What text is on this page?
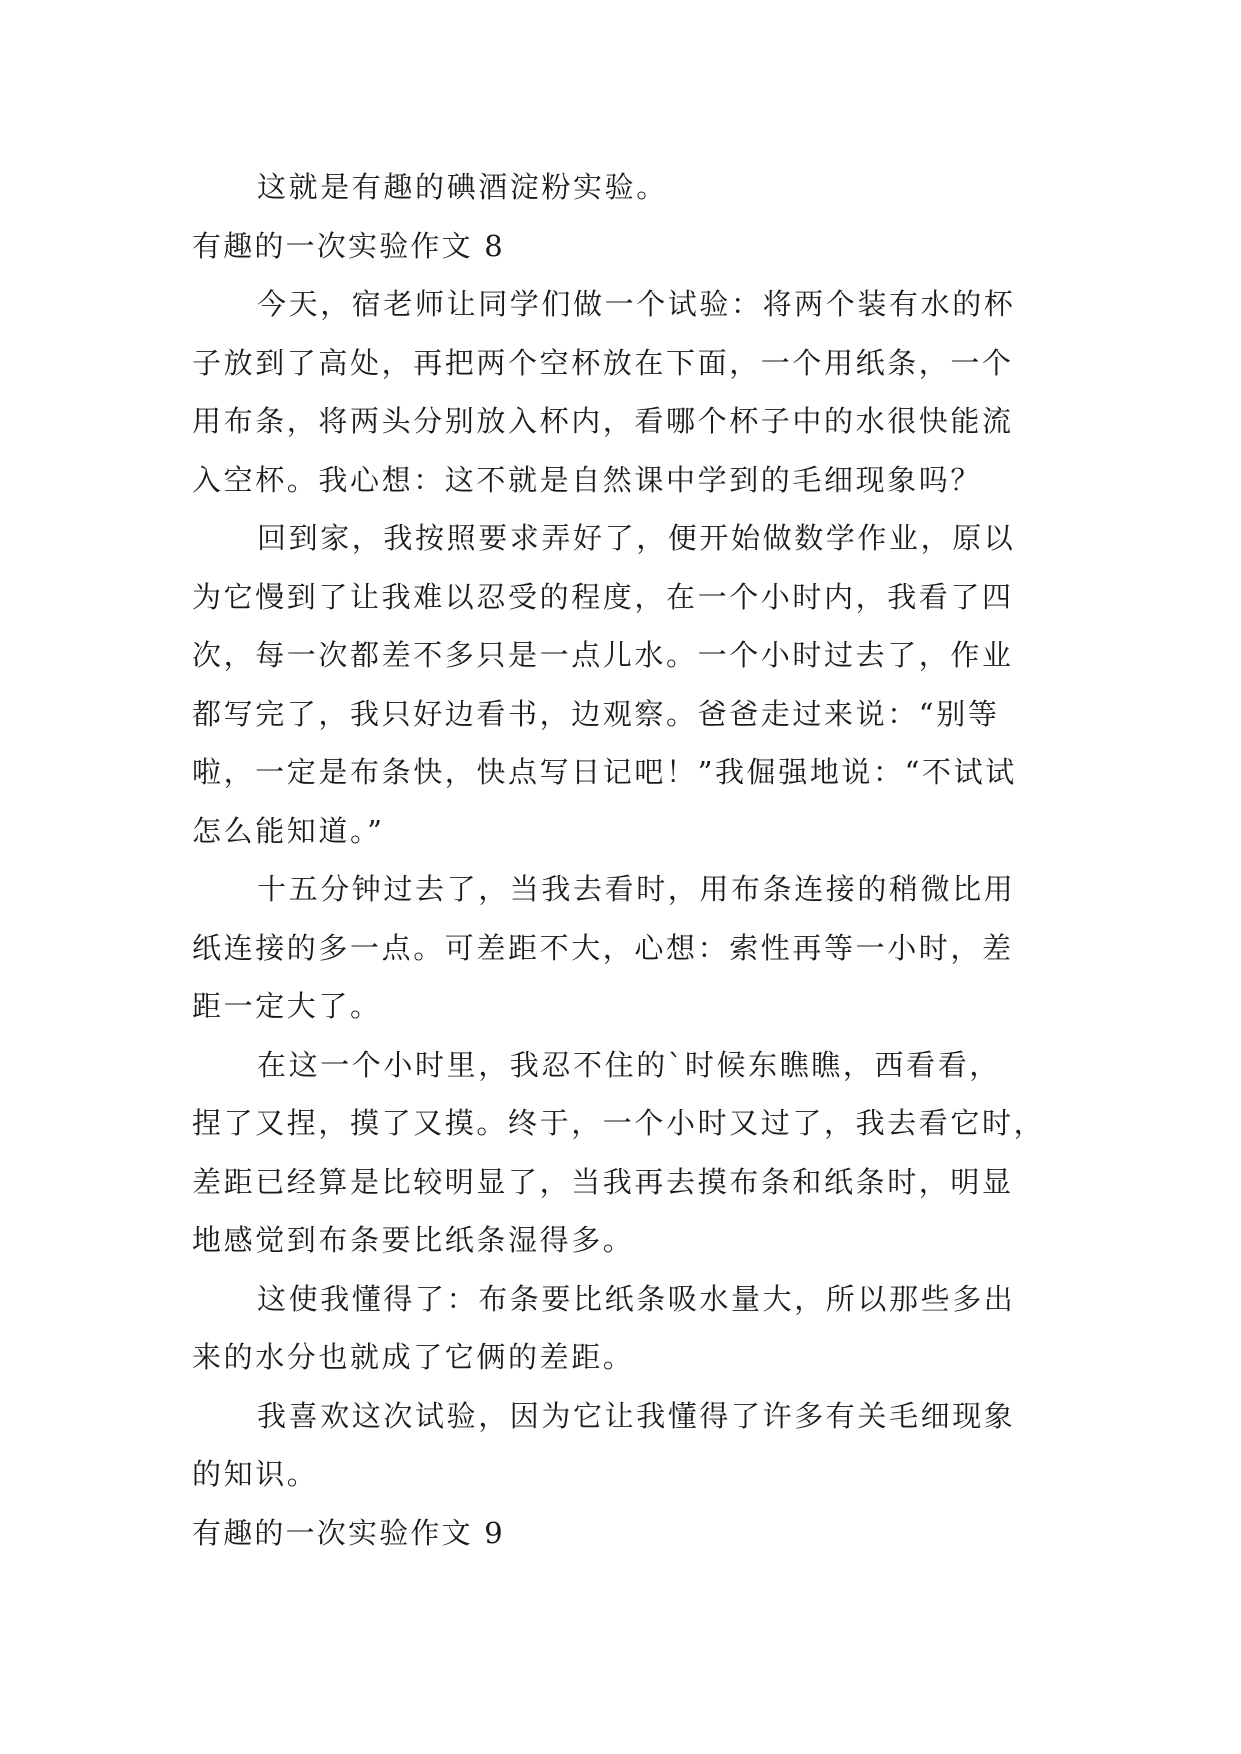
这就是有趣的碘酒淀粉实验。
有趣的一次实验作文 8
今天，宿老师让同学们做一个试验：将两个装有水的杯
子放到了高处，再把两个空杯放在下面，一个用纸条，一个
用布条，将两头分别放入杯内，看哪个杯子中的水很快能流
入空杯。我心想：这不就是自然课中学到的毛细现象吗？
回到家，我按照要求弄好了，便开始做数学作业，原以
为它慢到了让我难以忍受的程度，在一个小时内，我看了四
次，每一次都差不多只是一点儿水。一个小时过去了，作业
都写完了，我只好边看书，边观察。爸爸走过来说：“别等
啦，一定是布条快，快点写日记吧！”我倔强地说：“不试试
怎么能知道。”
十五分钟过去了，当我去看时，用布条连接的稍微比用
纸连接的多一点。可差距不大，心想：索性再等一小时，差
距一定大了。
在这一个小时里，我忍不住的`时候东瞧瞧，西看看，
捏了又捏，摸了又摸。终于，一个小时又过了，我去看它时，
差距已经算是比较明显了，当我再去摸布条和纸条时，明显
地感觉到布条要比纸条湿得多。
这使我懂得了：布条要比纸条吸水量大，所以那些多出
来的水分也就成了它俩的差距。
我喜欢这次试验，因为它让我懂得了许多有关毛细现象
的知识。
有趣的一次实验作文 9
